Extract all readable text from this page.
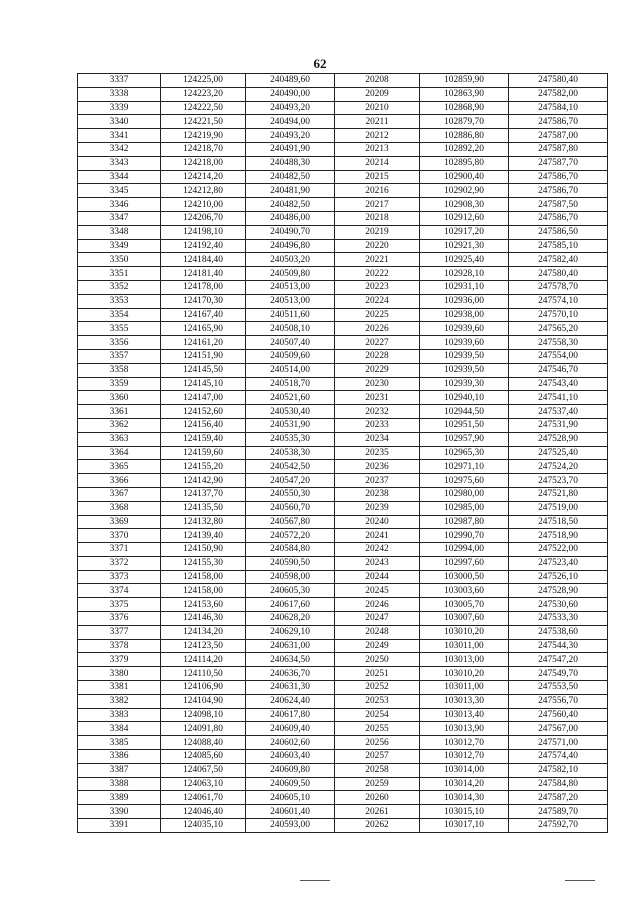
62
3337	124225,00	240489,60	20208	102859,90	247580,40
3338	124223,20	240490,00	20209	102863,90	247582,00
3339	124222,50	240493,20	20210	102868,90	247584,10
3340	124221,50	240494,00	20211	102879,70	247586,70
3341	124219,90	240493,20	20212	102886,80	247587,00
3342	124218,70	240491,90	20213	102892,20	247587,80
3343	124218,00	240488,30	20214	102895,80	247587,70
3344	124214,20	240482,50	20215	102900,40	247586,70
3345	124212,80	240481,90	20216	102902,90	247586,70
3346	124210,00	240482,50	20217	102908,30	247587,50
3347	124206,70	240486,00	20218	102912,60	247586,70
3348	124198,10	240490,70	20219	102917,20	247586,50
3349	124192,40	240496,80	20220	102921,30	247585,10
3350	124184,40	240503,20	20221	102925,40	247582,40
3351	124181,40	240509,80	20222	102928,10	247580,40
3352	124178,00	240513,00	20223	102931,10	247578,70
3353	124170,30	240513,00	20224	102936,00	247574,10
3354	124167,40	240511,60	20225	102938,00	247570,10
3355	124165,90	240508,10	20226	102939,60	247565,20
3356	124161,20	240507,40	20227	102939,60	247558,30
3357	124151,90	240509,60	20228	102939,50	247554,00
3358	124145,50	240514,00	20229	102939,50	247546,70
3359	124145,10	240518,70	20230	102939,30	247543,40
3360	124147,00	240521,60	20231	102940,10	247541,10
3361	124152,60	240530,40	20232	102944,50	247537,40
3362	124156,40	240531,90	20233	102951,50	247531,90
3363	124159,40	240535,30	20234	102957,90	247528,90
3364	124159,60	240538,30	20235	102965,30	247525,40
3365	124155,20	240542,50	20236	102971,10	247524,20
3366	124142,90	240547,20	20237	102975,60	247523,70
3367	124137,70	240550,30	20238	102980,00	247521,80
3368	124135,50	240560,70	20239	102985,00	247519,00
3369	124132,80	240567,80	20240	102987,80	247518,50
3370	124139,40	240572,20	20241	102990,70	247518,90
3371	124150,90	240584,80	20242	102994,00	247522,00
3372	124155,30	240590,50	20243	102997,60	247523,40
3373	124158,00	240598,00	20244	103000,50	247526,10
3374	124158,00	240605,30	20245	103003,60	247528,90
3375	124153,60	240617,60	20246	103005,70	247530,60
3376	124146,30	240628,20	20247	103007,60	247533,30
3377	124134,20	240629,10	20248	103010,20	247538,60
3378	124123,50	240631,00	20249	103011,00	247544,30
3379	124114,20	240634,50	20250	103013,00	247547,20
3380	124110,50	240636,70	20251	103010,20	247549,70
3381	124106,90	240631,30	20252	103011,00	247553,50
3382	124104,90	240624,40	20253	103013,30	247556,70
3383	124098,10	240617,80	20254	103013,40	247560,40
3384	124091,80	240609,40	20255	103013,90	247567,00
3385	124088,40	240602,60	20256	103012,70	247571,00
3386	124085,60	240603,40	20257	103012,70	247574,40
3387	124067,50	240609,80	20258	103014,00	247582,10
3388	124063,10	240609,50	20259	103014,20	247584,80
3389	124061,70	240605,10	20260	103014,30	247587,20
3390	124046,40	240601,40	20261	103015,10	247589,70
3391	124035,10	240593,00	20262	103017,10	247592,70
